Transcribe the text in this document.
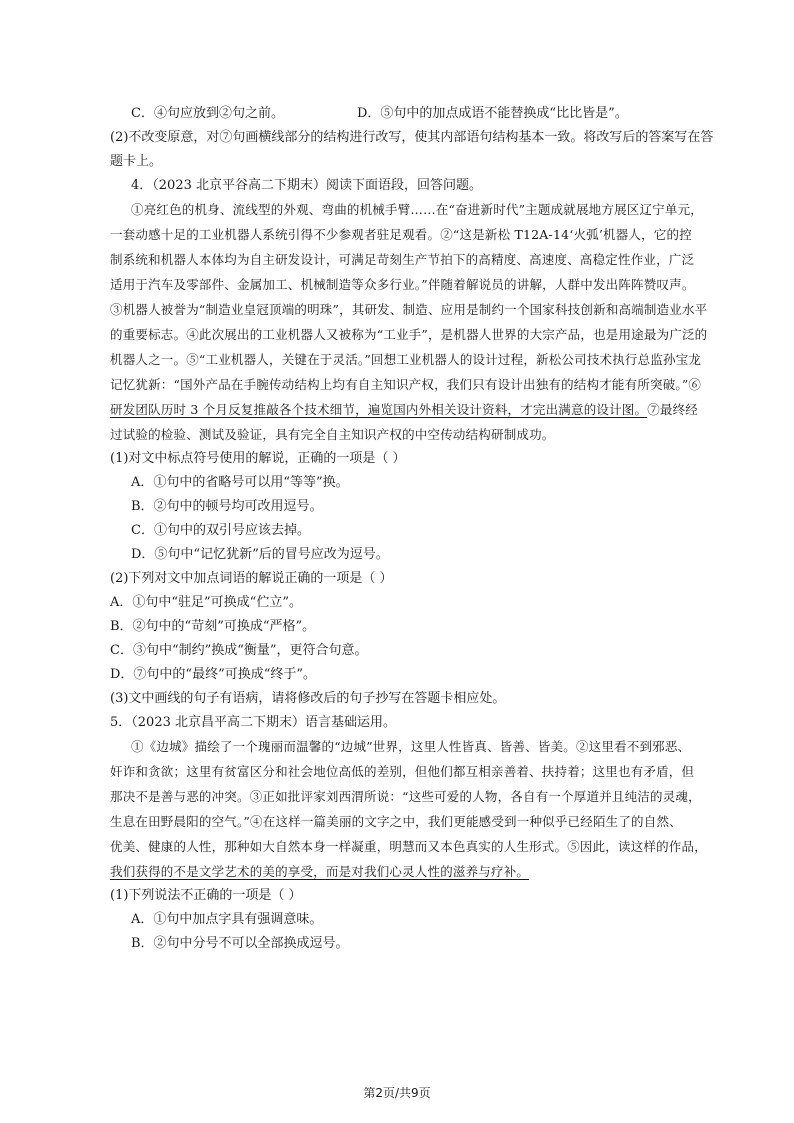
C．④句应放到②句之前。	D．⑤句中的加点成语不能替换成“比比皆是”。
(2)不改变原意，对⑦句画横线部分的结构进行改写，使其内部语句结构基本一致。将改写后的答案写在答
题卡上。
4．（2023 北京平谷高二下期末）阅读下面语段，回答问题。
①亮红色的机身、流线型的外观、弯曲的机械手臂……在“奋进新时代”主题成就展地方展区辽宁单元，
一套动感十足的工业机器人系统引得不少参观者驻足观看。②“这是新松 T12A-14‘火弧’机器人，它的控
制系统和机器人本体均为自主研发设计，可满足苛刻生产节拍下的高精度、高速度、高稳定性作业，广泛
适用于汽车及零部件、金属加工、机械制造等众多行业。”伴随着解说员的讲解，人群中发出阵阵赞叹声。
③机器人被誉为“制造业皇冠顶端的明珠”，其研发、制造、应用是制约一个国家科技创新和高端制造业水平
的重要标志。④此次展出的工业机器人又被称为“工业手”，是机器人世界的大宗产品，也是用途最为广泛的
机器人之一。⑤“工业机器人，关键在于灵活。”回想工业机器人的设计过程，新松公司技术执行总监孙宝龙
记忆犹新：“国外产品在手腕传动结构上均有自主知识产权，我们只有设计出独有的结构才能有所突破。”⑥
研发团队历时 3 个月反复推敲各个技术细节，遍览国内外相关设计资料，才完出满意的设计图。⑦最终经
过试验的检验、测试及验证，具有完全自主知识产权的中空传动结构研制成功。
(1)对文中标点符号使用的解说，正确的一项是（ ）
A．①句中的省略号可以用“等等”换。
B．②句中的顿号均可改用逗号。
C．①句中的双引号应该去掉。
D．⑤句中“记忆犹新”后的冒号应改为逗号。
(2)下列对文中加点词语的解说正确的一项是（ ）
A．①句中“驻足”可换成“伫立”。
B．②句中的“苛刻”可换成“严格”。
C．③句中“制约”换成“衡量”，更符合句意。
D．⑦句中的“最终”可换成“终于”。
(3)文中画线的句子有语病，请将修改后的句子抄写在答题卡相应处。
5．（2023 北京昌平高二下期末）语言基础运用。
①《边城》描绘了一个瑰丽而温馨的“边城”世界，这里人性皆真、皆善、皆美。②这里看不到邪恶、
奸诈和贪欲；这里有贫富区分和社会地位高低的差别，但他们都互相亲善着、扶持着；这里也有矛盾，但
那决不是善与恶的冲突。③正如批评家刘西渭所说：“这些可爱的人物，各自有一个厚道并且纯洁的灵魂，
生息在田野晨阳的空气。”④在这样一篇美丽的文字之中，我们更能感受到一种似乎已经陌生了的自然、
优美、健康的人性，那种如大自然本身一样凝重，明慧而又本色真实的人生形式。⑤因此，读这样的作品，
我们获得的不是文学艺术的美的享受，而是对我们心灵人性的滋养与疗补。
(1)下列说法不正确的一项是（ ）
A．①句中加点字具有强调意味。
B．②句中分号不可以全部换成逗号。
第2页/共9页
